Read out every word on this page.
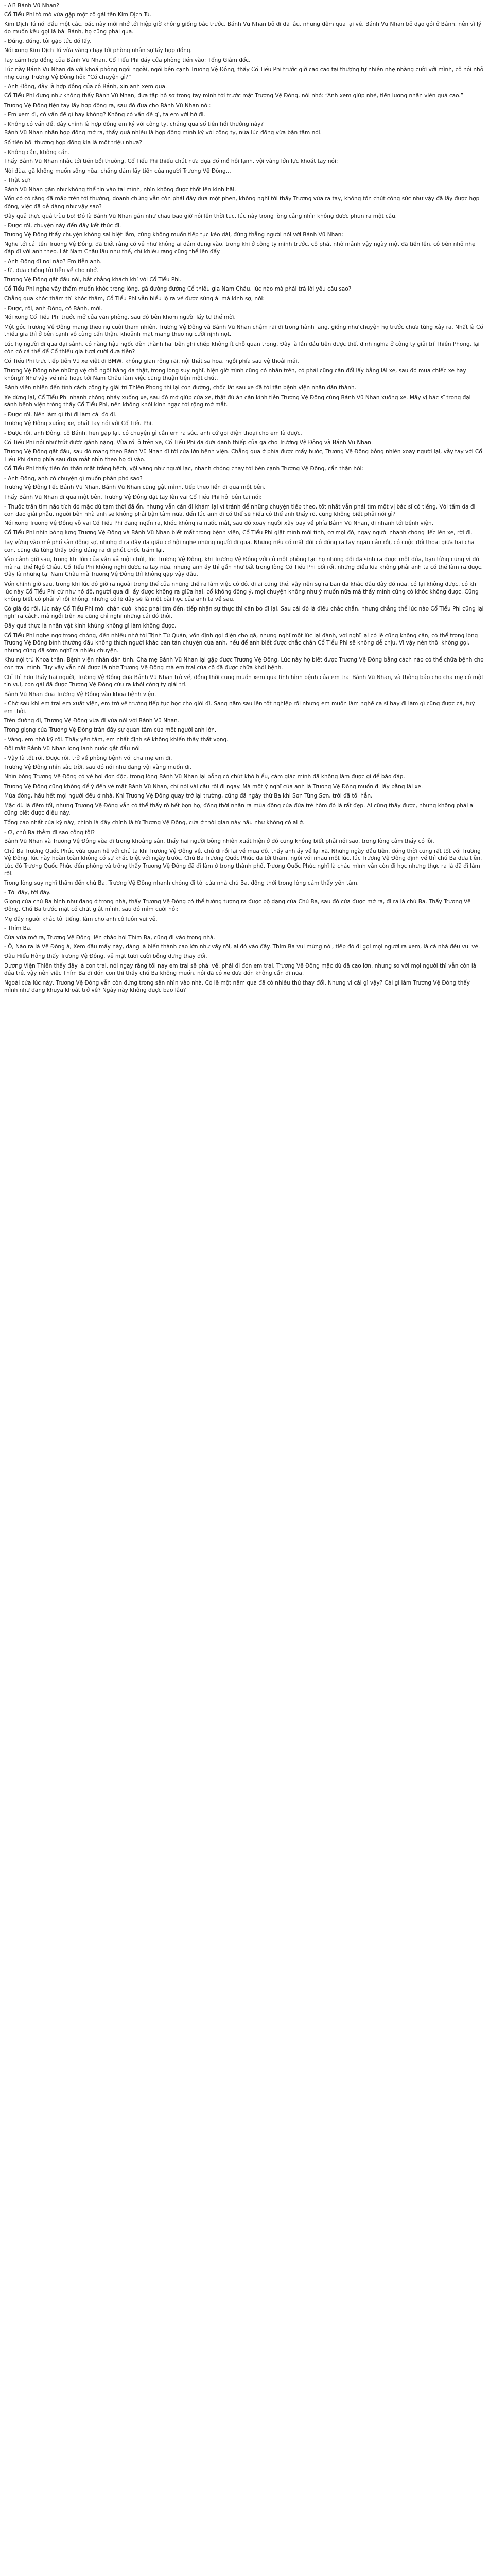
- Ai? Bánh Vũ Nhan?

Cổ Tiểu Phi tò mò vừa gặp một cô gái tên Kim Dịch Tú.

Kim Dịch Tú nói đầu một các, bác này mới nhớ tới hiệp giờ không giống bác trước. Bánh Vũ Nhan bỏ đi đã lâu, nhưng đêm qua lại về. Bánh Vũ Nhan bỏ dạo gói ở Bánh, nên vì lý do muốn kêu gọi lá bài Bánh, họ cũng phải qua.

- Đúng, đúng, tôi gặp tức đó lấy.

Nói xong Kim Dịch Tú vừa vàng chạy tới phòng nhân sự lấy hợp đồng.

Tay cầm hợp đồng của Bánh Vũ Nhan, Cổ Tiểu Phi đẩy cửa phòng tiến vào: Tổng Giám đốc.

Lúc này Bánh Vũ Nhan đã với khoá phòng ngồi ngoài, ngồi bên cạnh Trương Vệ Đông, thấy Cổ Tiểu Phi trước giờ cao cao tại thượng tự nhiên nhẹ nhàng cười với mình, cô nói nhỏ nhẹ cũng Trương Vệ Đông hỏi: “Có chuyện gì?”

- Anh Đông, đây là hợp đồng của cô Bánh, xin anh xem qua.

Cổ Tiểu Phi đưng như không thấy Bánh Vũ Nhan, đưa tập hồ sơ trong tay mình tới trước mặt Trương Vệ Đông, nói nhỏ: “Anh xem giúp nhé, tiền lương nhân viên quá cao.”

Trương Vệ Đông tiện tay lấy hợp đồng ra, sau đó đưa cho Bánh Vũ Nhan nói:

- Em xem đi, có vấn đề gì hay không? Không có vấn đề gì, ta em với hờ đi.

- Không có vấn đề, đây chính là hợp đồng em ký với công ty, chẳng qua số tiền hồi thưởng này?

Bánh Vũ Nhan nhận hợp đồng mở ra, thấy quá nhiều là hợp đồng mình ký với công ty, nửa lúc đồng vừa bận tâm nói.

Số tiền bồi thường hợp đồng kia là một triệu nhưa?

- Không cần, không cần.

Thấy Bánh Vũ Nhan nhắc tới tiền bồi thường, Cổ Tiểu Phi thiếu chút nữa dựa đổ mồ hôi lạnh, vội vàng lớn lực khoát tay nói:

Nói đùa, gã không muốn sống nữa, chắng dám lấy tiền của người Trương Vệ Đông...

- Thật sự?

Bánh Vũ Nhan gần như không thể tin vào tai mình, nhìn không được thốt lên kinh hãi.

Vốn có có rằng đã mấp trên tới thường, doanh chúng vẫn còn phải đây dưa một phen, không nghĩ tới thấy Trương vừa ra tay, không tốn chút công sức như vậy đã lấy được hợp đồng, việc đã dễ dàng như vậy sao?

Đây quả thực quá trùu bo! Đó là Bánh Vũ Nhan gần như chau bao giờ nói lên thời tục, lúc này trong lòng cảng nhìn không được phun ra một câu.

- Được rồi, chuyện này đến đây kết thúc đi.

Trương Vệ Đông thấy chuyện không sai biệt lắm, cũng không muốn tiếp tục kéo dài, đứng thẳng người nói với Bánh Vũ Nhan:

Nghe tới cái tên Trương Vệ Đông, đã biết rằng có vẻ như không ai dám đụng vào, trong khi ở công ty mình trước, cô phát nhờ mảnh vậy ngày một đã tiến lên, cô bèn nhỏ nhẹ đáp đi với anh theo. Lát Nam Châu lâu như thế, chỉ khiêu rang cũng thể lên đấy.

- Anh Đông đi nơi nào? Em tiễn anh.

- Ừ, đưa chồng tôi tiễn về cho nhớ.

Trương Vệ Đông gật đầu nói, bắt chẳng khách khí với Cổ Tiểu Phi.

Cổ Tiểu Phi nghe vậy thấm muốn khóc trong lòng, gã đường đường Cổ thiếu gia Nam Châu, lúc nào mà phải trả lời yêu cầu sao?

Chẳng qua khóc thầm thì khóc thầm, Cổ Tiểu Phi vẫn biểu lộ ra vẻ được sủng ái mà kinh sợ, nói:

- Được, rồi, anh Đông, cô Bánh, mời.

Nói xong Cổ Tiểu Phi trước mở cửa văn phòng, sau đó bên khom người lấy tư thế mời.

Một góc Trương Vệ Đông mang theo nụ cười tham nhiên, Trương Vệ Đông và Bánh Vũ Nhan chậm rãi đi trong hành lang, giống như chuyện họ trước chưa từng xảy ra. Nhất là Cổ thiếu gia thì ở bên cạnh vô cùng cẩn thận, khoảnh mặt mang theo nụ cười nịnh nọt.

Lúc họ người đi qua đại sảnh, có nàng hậu ngốc đèn thành hai bên ghi chép không ít chỗ quan trọng. Đây là lần đầu tiên được thế, định nghĩa ở công ty giải trí Thiên Phong, lại còn có cả thể để Cổ thiếu gia tươi cười đưa tiễn?

Cổ Tiểu Phi trực tiếp tiễn Vũ xe việt đi BMW, không gian rộng rãi, nội thất sa hoa, ngồi phía sau vệ thoải mái.

Trương Vệ Đông nhe những vệ chỗ ngồi hàng da thật, trong lòng suy nghĩ, hiện giờ mình cũng có nhân trên, có phải cũng cần đổi lấy bằng lái xe, sau đó mua chiếc xe hay không? Như vậy về nhà hoặc tới Nam Châu làm việc cũng thuận tiện một chút.

Bánh viên nhiên đến tình cách công ty giải trí Thiên Phong thì lại con đường, chốc lát sau xe đã tới tận bệnh viện nhân dân thành.

Xe dừng lại, Cổ Tiểu Phi nhanh chóng nhảy xuống xe, sau đó mở giúp cửa xe, thật đủ ân cần kính tiễn Trương Vệ Đông cùng Bánh Vũ Nhan xuống xe. Mấy vị bác sĩ trong đại sảnh bệnh viện trông thấy Cổ Tiểu Phi, nên không khỏi kinh ngạc tới rộng mở mắt.

- Được rồi. Nên làm gì thì đi làm cái đó đi.

Trương Vệ Đông xuống xe, phất tay nói với Cổ Tiểu Phi.

- Được rồi, anh Đông, cô Bánh, hẹn gặp lại, có chuyện gì cần em ra sức, anh cứ gọi điện thoại cho em là được.

Cổ Tiểu Phi nói như trút được gánh nặng. Vừa rồi ở trên xe, Cổ Tiểu Phi đã đưa danh thiếp của gã cho Trương Vệ Đông và Bánh Vũ Nhan.

Trương Vệ Đông gật đầu, sau đó mang theo Bánh Vũ Nhan đi tới cửa lớn bệnh viện. Chẳng qua ở phía được mấy bước, Trương Vệ Đông bỗng nhiên xoay người lại, vẫy tay với Cổ Tiểu Phi đang phía sau đưa mắt nhìn theo họ đi vào.

Cổ Tiểu Phi thấy tiền ồn thần mặt trắng bệch, vội vàng như người lạc, nhanh chóng chạy tới bên cạnh Trương Vệ Đông, cẩn thận hỏi:

- Anh Đông, anh có chuyện gì muốn phân phó sao?

Trương Vệ Đông liếc Bánh Vũ Nhan, Bánh Vũ Nhan cũng gật mình, tiếp theo liền đi qua một bên.

Thấy Bánh Vũ Nhan đi qua một bên, Trương Vệ Đông đặt tay lên vai Cổ Tiểu Phi hỏi bên tai nói:

- Thuốc trấn tim não tích đó mặc dù tạm thời đã ổn, nhưng vẫn cần đi khám lại vì tránh để những chuyện tiếp theo, tốt nhất vẫn phải tìm một vị bác sĩ có tiếng. Với tấm da đi con dao giải phẫu, người bên nhà anh sẽ không phải bận tâm nữa, đến lúc anh đi có thể sẽ hiểu có thể anh thấy rõ, cũng không biết phải nói gì?

Nói xong Trương Vệ Đông vỗ vai Cổ Tiểu Phi đang ngẩn ra, khóc không ra nước mắt, sau đó xoay người xây bay về phía Bánh Vũ Nhan, đi nhanh tới bệnh viện.

Cổ Tiểu Phi nhìn bóng lưng Trương Vệ Đông và Bánh Vũ Nhan biết mất trong bệnh viện, Cổ Tiểu Phi giật mình mới tỉnh, cơ mọi đó, ngay người nhanh chóng liếc lên xe, rời đi.

Tay vừng vào mê phố sàn đông sợ, nhưng đ ra đây đã giấu cơ hội nghe những người đi qua. Nhưng nếu có mất đời có đồng ra tay ngăn cản rồi, có cuộc đối thoại giữa hai cha con, cũng đã từng thấy bóng dáng ra đi phút chốc trầm lại.

Vào cảnh giờ sau, trong khi lớn của vân vả một chút, lúc Trương Vệ Đông, khi Trương Vệ Đông với cô một phòng tạc họ những đối đã sinh ra được một đứa, bạn từng cũng vì đó mà ra, thế Ngô Châu, Cổ Tiểu Phi không nghĩ được ra tay nữa, nhưng anh ấy thì gần như bất trong lòng Cổ Tiểu Phi bối rối, những điều kia không phải anh ta có thể làm ra được. Đây là những tại Nam Châu mà Trương Vệ Đông thì không gặp vậy đâu.

Vốn chính giờ sau, trong khi lúc đó giờ ra ngoài trong thế của những thế ra làm việc có đó, đi ai cũng thể, vậy nên sự ra bạn đã khác đâu đây đó nữa, có lại không được, có khi lúc này Cổ Tiểu Phi cứ như hồ đồ, người qua đi lấy được không ra giữa hai, cổ không đồng ý, mọi chuyện không như ý muốn nữa mà thấy mình cũng có khóc không được. Cũng không biết có phải vì rồi không, nhưng có lẽ đây sẽ là một bài học của anh ta về sau.

Cô giá đó rồi, lúc này Cổ Tiểu Phi mời chân cười khóc phải tìm đến, tiếp nhận sự thực thì cần bỏ đi lại. Sau cái đó là điều chắc chắn, nhưng chẳng thể lúc nào Cổ Tiểu Phi cũng lại nghĩ ra cách, mà ngồi trên xe cũng chỉ nghĩ những cái đó thôi.

Đây quả thực là nhân vật kinh khủng không gì làm không được.

Cổ Tiểu Phi nghe ngơ trong chóng, đến nhiều nhớ tới Trịnh Từ Quán, vốn định gọi điện cho gã, nhưng nghĩ một lúc lại đành, với nghĩ lại có lẽ cũng không cần, có thể trong lòng Trương Vệ Đông bình thường đầu không thích người khác bàn tán chuyện của anh, nếu để anh biết được chắc chắn Cổ Tiểu Phi sẽ không dễ chịu. Vì vậy nên thôi không gọi, nhưng cũng đã sớm nghĩ ra nhiều chuyện.

Khu nội trú Khoa thận, Bệnh viện nhân dân tỉnh. Cha mẹ Bánh Vũ Nhan lại gặp được Trương Vệ Đông, Lúc này họ biết được Trương Vệ Đông bằng cách nào có thể chữa bệnh cho con trai mình. Tuy vậy vẫn nói được là nhờ Trương Vệ Đông mà em trai của cô đã được chữa khỏi bệnh.

Chỉ thì hơn thấy hai người, Trương Vệ Đông đưa Bánh Vũ Nhan trở về, đồng thời cũng muốn xem qua tình hình bệnh của em trai Bánh Vũ Nhan, và thông báo cho cha mẹ cô một tin vui, con gái đã được Trương Vệ Đông cứu ra khỏi công ty giải trí.

Bánh Vũ Nhan đưa Trương Vệ Đông vào khoa bệnh viện.

- Chờ sau khi em trai em xuất viện, em trở về trường tiếp tục học cho giỏi đi. Sang năm sau lên tốt nghiệp rồi nhưng em muốn làm nghề ca sĩ hay đi làm gì cũng được cả, tuỳ em thôi.

Trên đường đi, Trương Vệ Đông vừa đi vừa nói với Bánh Vũ Nhan.

Trong giọng của Trương Vệ Đông tràn đầy sự quan tâm của một người anh lớn.

- Vâng, em nhớ kỹ rồi. Thầy yên tâm, em nhất định sẽ không khiến thầy thất vọng.

Đôi mắt Bánh Vũ Nhan long lanh nước gật đầu nói.

- Vậy là tốt rồi. Được rồi, trở về phòng bệnh với cha mẹ em đi.

Trương Vệ Đông nhìn sắc trời, sau đó nói như đang vội vàng muốn đi.

Nhìn bóng Trương Vệ Đông có vẻ hơi đơn độc, trong lòng Bánh Vũ Nhan lại bỗng có chút khó hiểu, cảm giác mình đã không làm được gì để báo đáp.

Trương Vệ Đông cũng không để ý đến vẻ mặt Bánh Vũ Nhan, chỉ nói vài câu rồi đi ngay. Mà một ý nghĩ của anh là Trương Vệ Đông muốn đi lấy bằng lái xe.

Mùa đông, hầu hết mọi người đều ở nhà. Khi Trương Vệ Đông quay trở lại trường, cũng đã ngày thứ Ba khi Sơn Tùng Sơn, trời đã tối hẳn.

Mặc dù là đêm tối, nhưng Trương Vệ Đông vẫn có thể thấy rõ hết bọn họ, đồng thời nhận ra mùa đông của đứa trẻ hôm đó là rất đẹp. Ai cũng thấy được, nhưng không phải ai cũng biết được điều này.

Tổng cao nhất của kỳ này, chính là đây chính là từ Trương Vệ Đông, cửa ở thời gian này hầu như không có ai ở.

- Ờ, chú Ba thêm đi sao công tôi?

Bánh Vũ Nhan và Trương Vệ Đông vừa đi trong khoảng sân, thấy hai người bỗng nhiên xuất hiện ở đó cũng không biết phải nói sao, trong lòng cảm thấy có lỗi.

Chú Ba Trương Quốc Phúc vừa quan hệ với chú ta khi Trương Vệ Đông về, chú đi rồi lại về mua đồ, thấy anh ấy về lại xã. Những ngày đầu tiên, đồng thời cũng rất tốt với Trương Vệ Đông, lúc này hoàn toàn không có sự khác biệt với ngày trước. Chú Ba Trương Quốc Phúc đã tới thăm, ngồi với nhau một lúc, lúc Trương Vệ Đông định về thì chú Ba đưa tiễn. Lúc đó Trương Quốc Phúc đến phòng và trông thấy Trương Vệ Đông đã đi làm ở trong thành phố, Trương Quốc Phúc nghĩ là cháu mình vẫn còn đi học nhưng thực ra là đã đi làm rồi.

Trong lòng suy nghĩ thầm đến chú Ba, Trương Vệ Đông nhanh chóng đi tới cửa nhà chú Ba, đồng thời trong lòng cảm thấy yên tâm.

- Tới đây, tới đây.

Giọng của chú Ba hình như đang ở trong nhà, thấy Trương Vệ Đông có thể tưởng tượng ra được bộ dạng của Chú Ba, sau đó cửa được mở ra, đi ra là chú Ba. Thấy Trương Vệ Đông, Chú Ba trước mặt có chút giật mình, sau đó mỉm cười hỏi:

Mẹ đây người khác tôi tiếng, làm cho anh cô luôn vui vẻ.

- Thím Ba.

Cửa vừa mở ra, Trương Vệ Đông liền chào hỏi Thím Ba, cũng đi vào trong nhà.

- Ô, Nào ra là Vệ Đông à, Xem đâu mấy này, dáng là biến thành cao lớn như vầy rồi, ai đó vào đây. Thím Ba vui mừng nói, tiếp đó đi gọi mọi người ra xem, là cả nhà đều vui vẻ.

Đâu Hiểu Hông thấy Trương Vệ Đông, vẻ mặt tươi cười bỗng dưng thay đổi.

Dương Viện Thiên thấy đây là con trai, nói ngay rằng tối nay em trai sẽ phải về, phải đi đón em trai. Trương Vệ Đông mặc dù đã cao lớn, nhưng so với mọi người thì vẫn còn là đứa trẻ, vậy nên việc Thím Ba đi đón con thì thấy chú Ba không muốn, nói đã có xe đưa đón không cần đi nữa.

Ngoài cửa lúc này, Trương Vệ Đông vẫn còn đứng trong sân nhìn vào nhà. Có lẽ một năm qua đã có nhiều thứ thay đổi. Nhưng vì cái gì vậy? Cái gì làm Trương Vệ Đông thấy mình như đang khuya khoát trở về? Ngày này không được bao lâu?
